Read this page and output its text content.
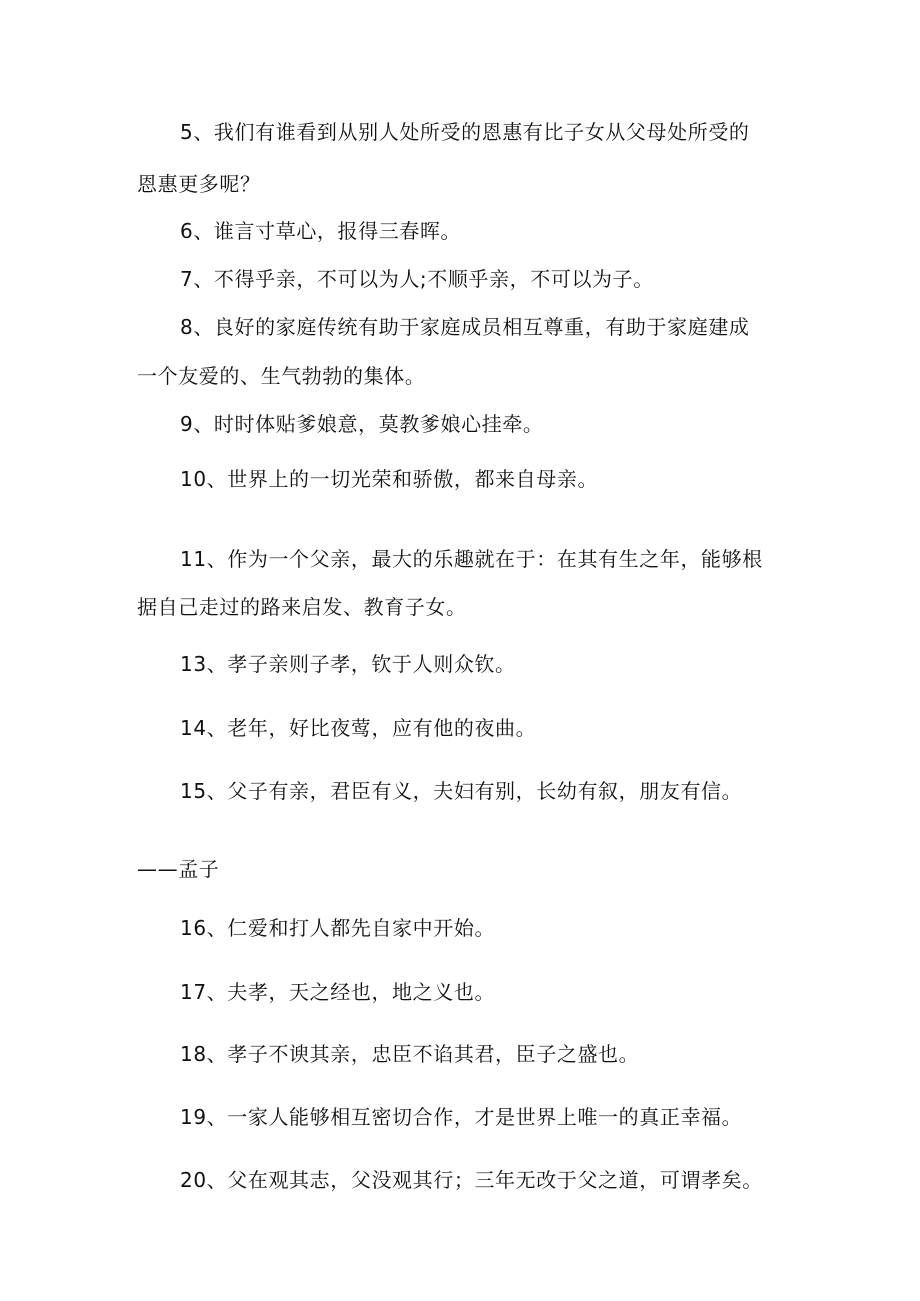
5、我们有谁看到从别人处所受的恩惠有比子女从父母处所受的
恩惠更多呢？
6、谁言寸草心，报得三春晖。
7、不得乎亲，不可以为人;不顺乎亲，不可以为子。
8、良好的家庭传统有助于家庭成员相互尊重，有助于家庭建成
一个友爱的、生气勃勃的集体。
9、时时体贴爹娘意，莫教爹娘心挂牵。
10、世界上的一切光荣和骄傲，都来自母亲。
11、作为一个父亲，最大的乐趣就在于：在其有生之年，能够根
据自己走过的路来启发、教育子女。
13、孝子亲则子孝，钦于人则众钦。
14、老年，好比夜莺，应有他的夜曲。
15、父子有亲，君臣有义，夫妇有别，长幼有叙，朋友有信。
——孟子
16、仁爱和打人都先自家中开始。
17、夫孝，天之经也，地之义也。
18、孝子不谀其亲，忠臣不谄其君，臣子之盛也。
19、一家人能够相互密切合作，才是世界上唯一的真正幸福。
20、父在观其志，父没观其行；三年无改于父之道，可谓孝矣。
